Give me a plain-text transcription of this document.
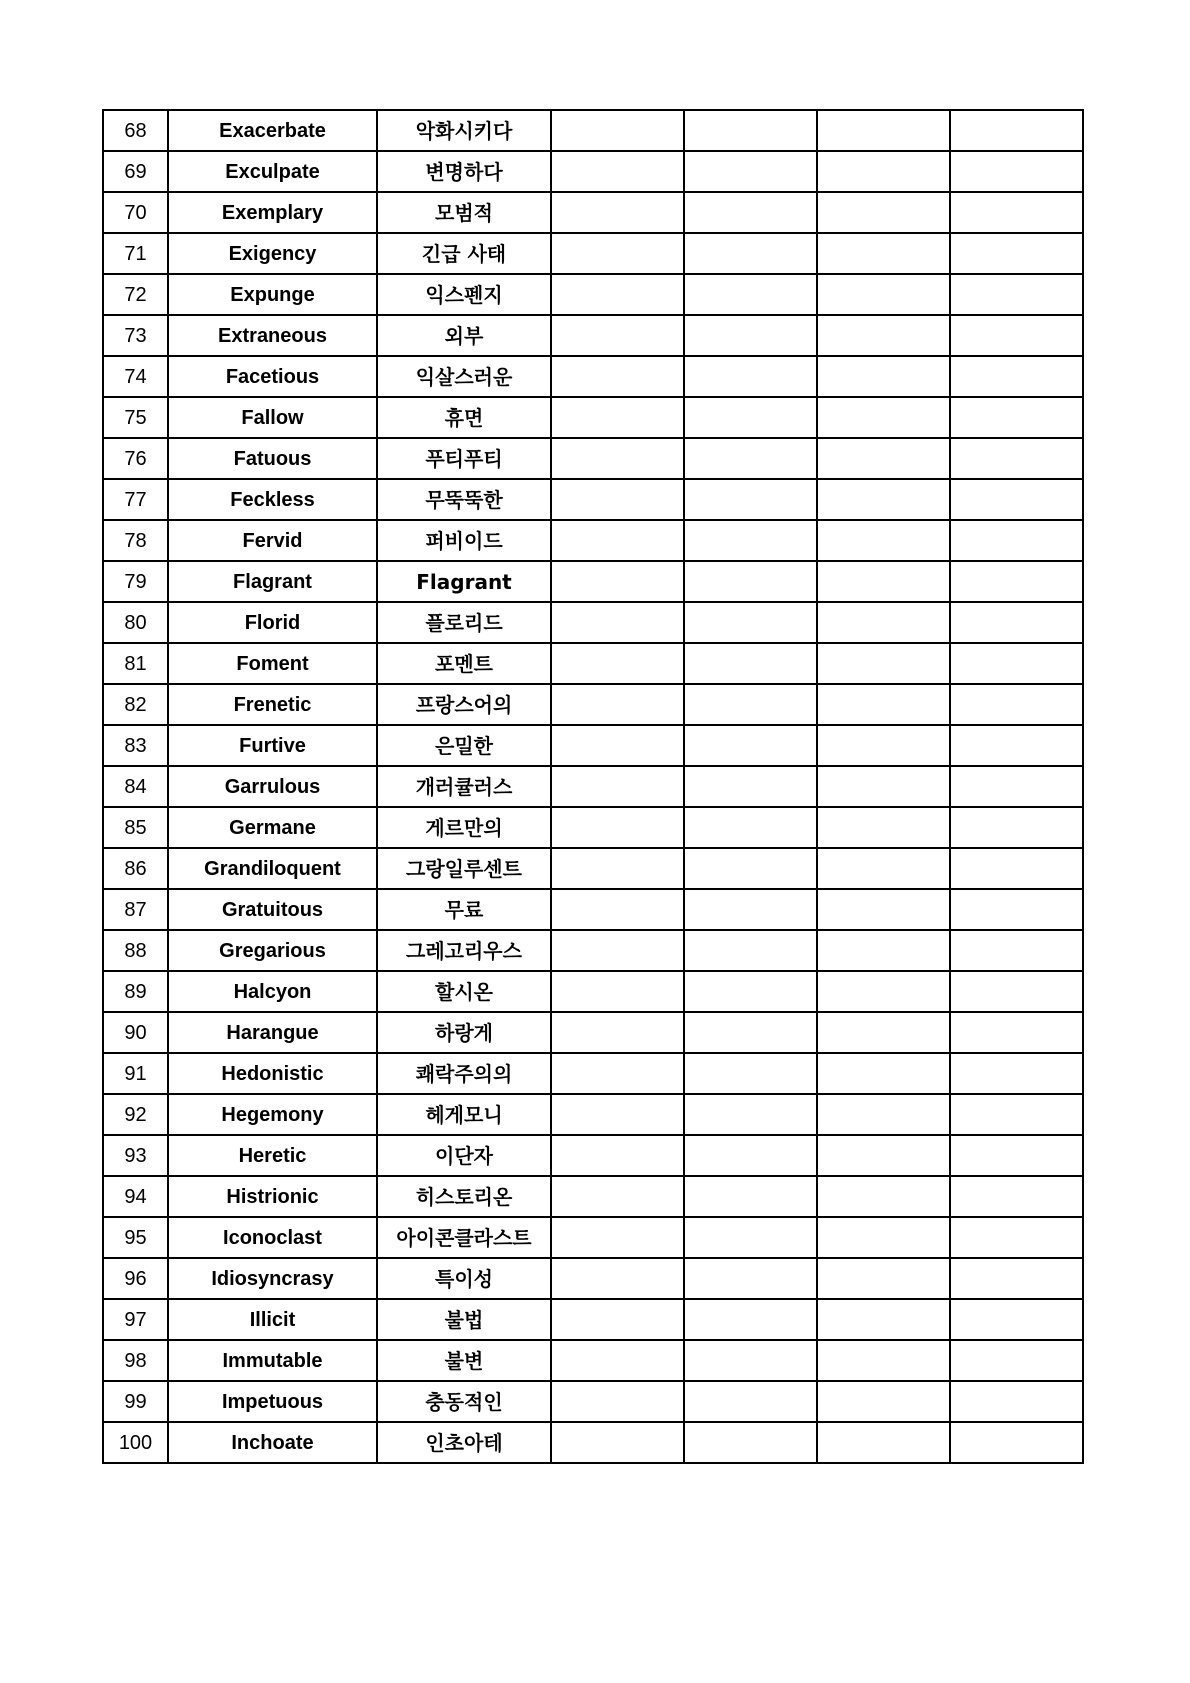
68	Exacerbate	악화시키다				
69	Exculpate	변명하다				
70	Exemplary	모범적				
71	Exigency	긴급 사태				
72	Expunge	익스펜지				
73	Extraneous	외부				
74	Facetious	익살스러운				
75	Fallow	휴면				
76	Fatuous	푸티푸티				
77	Feckless	무뚝뚝한				
78	Fervid	퍼비이드				
79	Flagrant	Flagrant				
80	Florid	플로리드				
81	Foment	포멘트				
82	Frenetic	프랑스어의				
83	Furtive	은밀한				
84	Garrulous	개러큘러스				
85	Germane	게르만의				
86	Grandiloquent	그랑일루센트				
87	Gratuitous	무료				
88	Gregarious	그레고리우스				
89	Halcyon	할시온				
90	Harangue	하랑게				
91	Hedonistic	쾌락주의의				
92	Hegemony	헤게모니				
93	Heretic	이단자				
94	Histrionic	히스토리온				
95	Iconoclast	아이콘클라스트				
96	Idiosyncrasy	특이성				
97	Illicit	불법				
98	Immutable	불변				
99	Impetuous	충동적인				
100	Inchoate	인초아테				
